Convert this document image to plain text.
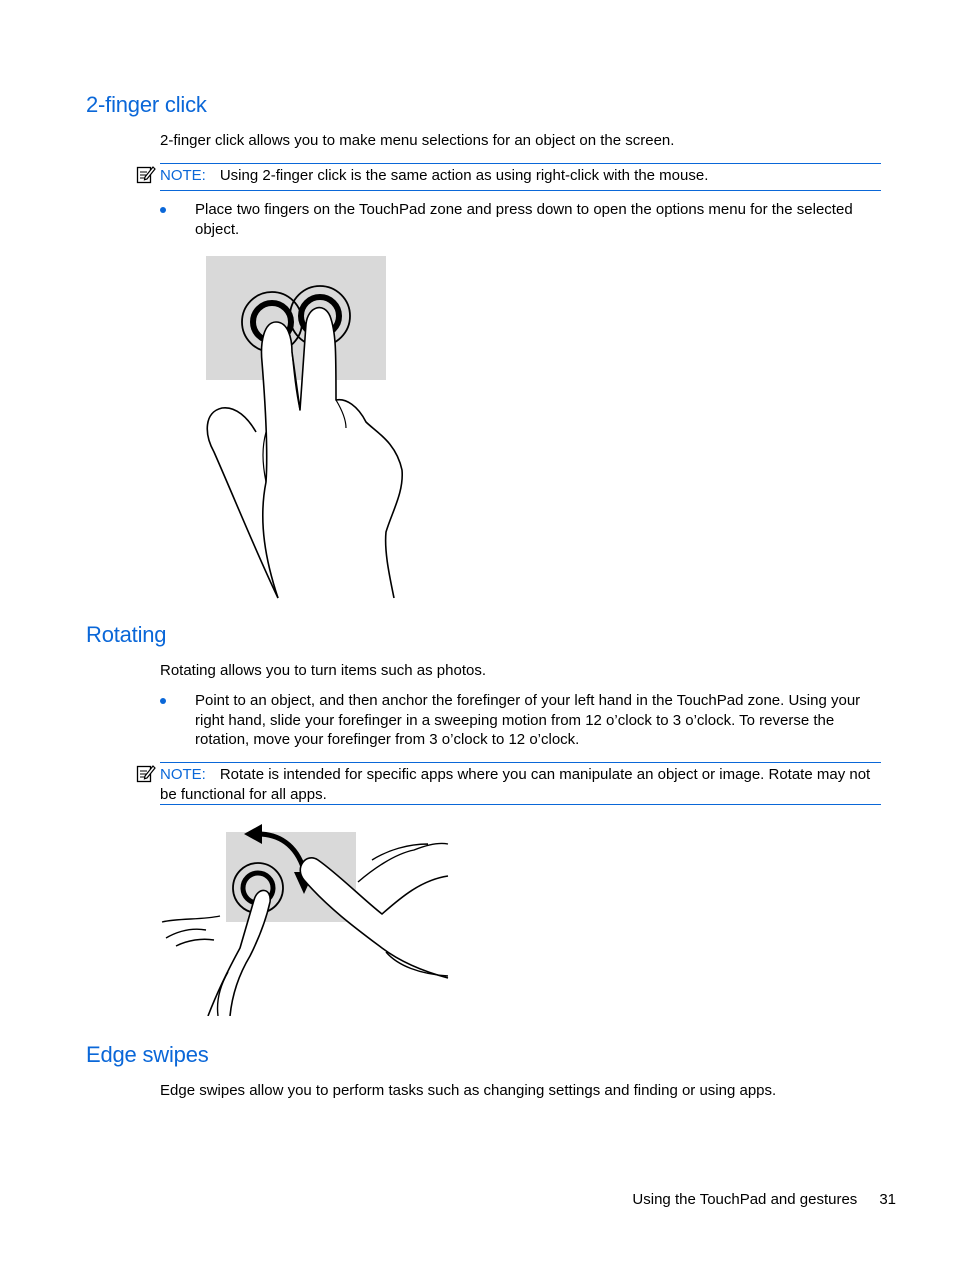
2-finger click

2-finger click allows you to make menu selections for an object on the screen.

NOTE: Using 2-finger click is the same action as using right-click with the mouse.
Place two fingers on the TouchPad zone and press down to open the options menu for the selected object.
Rotating

Rotating allows you to turn items such as photos.

Point to an object, and then anchor the forefinger of your left hand in the TouchPad zone. Using your right hand, slide your forefinger in a sweeping motion from 12 o’clock to 3 o’clock. To reverse the rotation, move your forefinger from 3 o’clock to 12 o’clock.
NOTE: Rotate is intended for specific apps where you can manipulate an object or image. Rotate may not be functional for all apps.
Edge swipes

Edge swipes allow you to perform tasks such as changing settings and finding or using apps.

Using the TouchPad and gestures 31
